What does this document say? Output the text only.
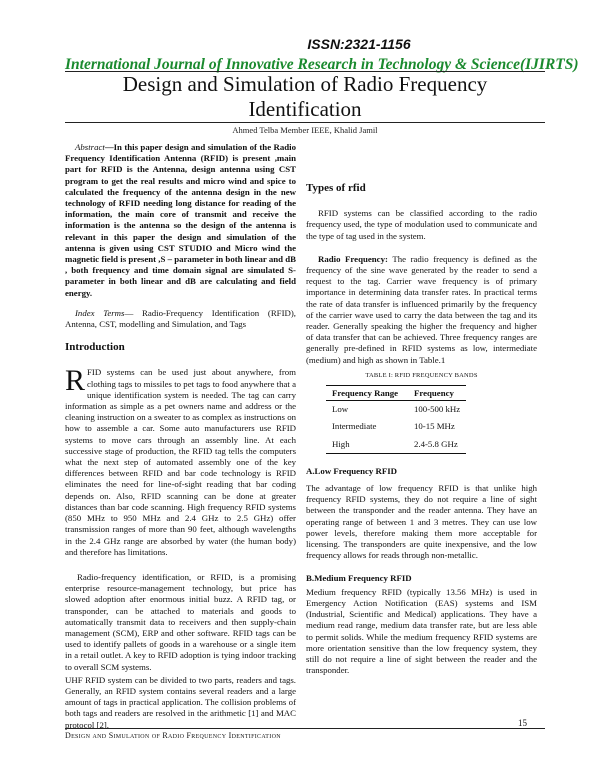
ISSN:2321-1156
International Journal of Innovative Research in Technology & Science(IJIRTS)
Design and Simulation of Radio Frequency Identification
Ahmed Telba Member IEEE, Khalid Jamil

Abstract—In this paper design and simulation of the Radio Frequency Identification Antenna (RFID) is present ,main part for RFID is the Antenna, design antenna using CST program to get the real results and micro wind and spice to calculated the frequency of the antenna design in the new technology of RFID needing long distance for reading of the information, the main core of transmit and receive the information is the antenna so the design of the antenna is relevant in this paper the design and simulation of the antenna is given using CST STUDIO and Micro wind the magnetic field is present ,S – parameter in both linear and dB , both frequency and time domain signal are simulated S-parameter in both linear and dB are calculating and field energy.

Index Terms— Radio-Frequency Identification (RFID), Antenna, CST, modelling and Simulation, and Tags

Introduction

RFID systems can be used just about anywhere, from clothing tags to missiles to pet tags to food anywhere that a unique identification system is needed. The tag can carry information as simple as a pet owners name and address or the cleaning instruction on a sweater to as complex as instructions on how to assemble a car. Some auto manufacturers use RFID systems to move cars through an assembly line. At each successive stage of production, the RFID tag tells the computers what the next step of automated assembly one of the key differences between RFID and bar code technology is RFID eliminates the need for line-of-sight reading that bar coding depends on. Also, RFID scanning can be done at greater distances than bar code scanning. High frequency RFID systems (850 MHz to 950 MHz and 2.4 GHz to 2.5 GHz) offer transmission ranges of more than 90 feet, although wavelengths in the 2.4 GHz range are absorbed by water (the human body) and therefore has limitations.

Radio-frequency identification, or RFID, is a promising enterprise resource-management technology, but price has slowed adoption after enormous initial buzz. A RFID tag, or transponder, can be attached to materials and goods to automatically transmit data to receivers and then supply-chain management (SCM), ERP and other software. RFID tags can be used to identify pallets of goods in a warehouse or a single item in a retail outlet. A key to RFID adoption is tying indoor tracking to overall SCM systems.

UHF RFID system can be divided to two parts, readers and tags. Generally, an RFID system contains several readers and a large amount of tags in practical application. The collision problems of both tags and readers are resolved in the arithmetic [1] and MAC protocol [2].

Types of rfid

RFID systems can be classified according to the radio frequency used, the type of modulation used to communicate and the type of tag used in the system.

Radio Frequency: The radio frequency is defined as the frequency of the sine wave generated by the reader to send a request to the tag. Carrier wave frequency is of primary importance in determining data transfer rates. In practical terms the rate of data transfer is influenced primarily by the frequency of the carrier wave used to carry the data between the tag and its reader. Generally speaking the higher the frequency and higher of data transfer that can be achieved. Three frequency ranges are generally pre-defined in RFID systems as low, intermediate (medium) and high as shown in Table.1

TABLE I: RFID FREQUENCY BANDS
Frequency Range	Frequency
Low	100-500 kHz
Intermediate	10-15 MHz
High	2.4-5.8 GHz
A.Low Frequency RFID

The advantage of low frequency RFID is that unlike high frequency RFID systems, they do not require a line of sight between the transponder and the reader antenna. They have an operating range of between 1 and 3 metres. They can use low power levels, therefore making them more acceptable for licensing. The transponders are quite inexpensive, and the low frequency allows for reads through non-metallic.

B.Medium Frequency RFID

Medium frequency RFID (typically 13.56 MHz) is used in Emergency Action Notification (EAS) systems and ISM (Industrial, Scientific and Medical) applications. They have a medium read range, medium data transfer rate, but are less able to permit solids. While the medium frequency RFID systems are more orientation sensitive than the low frequency system, they still do not require a line of sight between the reader and the transponder.

15
Design and Simulation of Radio Frequency Identification
